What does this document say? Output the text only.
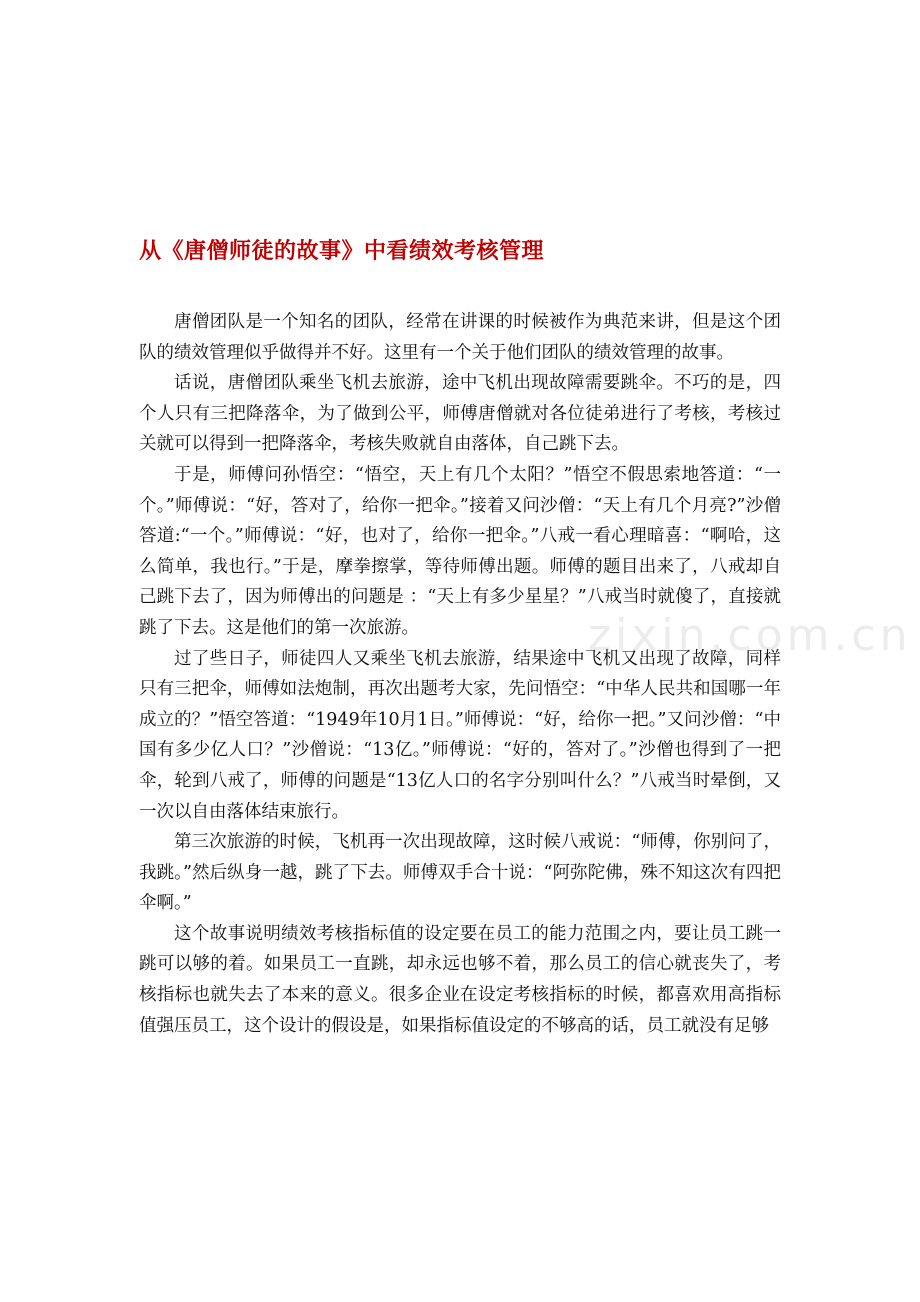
从《唐僧师徒的故事》中看绩效考核管理

唐僧团队是一个知名的团队，经常在讲课的时候被作为典范来讲，但是这个团队的绩效管理似乎做得并不好。这里有一个关于他们团队的绩效管理的故事。

话说，唐僧团队乘坐飞机去旅游，途中飞机出现故障需要跳伞。不巧的是，四个人只有三把降落伞，为了做到公平，师傅唐僧就对各位徒弟进行了考核，考核过关就可以得到一把降落伞，考核失败就自由落体，自己跳下去。

于是，师傅问孙悟空：“悟空，天上有几个太阳？”悟空不假思索地答道：“一个。”师傅说：“好，答对了，给你一把伞。”接着又问沙僧：“天上有几个月亮?”沙僧答道:“一个。”师傅说：“好，也对了，给你一把伞。”八戒一看心理暗喜：“啊哈，这么简单，我也行。”于是，摩拳擦掌，等待师傅出题。师傅的题目出来了，八戒却自己跳下去了，因为师傅出的问题是 ：“天上有多少星星？”八戒当时就傻了，直接就跳了下去。这是他们的第一次旅游。

过了些日子，师徒四人又乘坐飞机去旅游，结果途中飞机又出现了故障，同样只有三把伞，师傅如法炮制，再次出题考大家，先问悟空：“中华人民共和国哪一年成立的？”悟空答道：“1949年10月1日。”师傅说：“好，给你一把。”又问沙僧：“中国有多少亿人口？”沙僧说：“13亿。”师傅说：“好的，答对了。”沙僧也得到了一把伞，轮到八戒了，师傅的问题是“13亿人口的名字分别叫什么？”八戒当时晕倒，又一次以自由落体结束旅行。

第三次旅游的时候，飞机再一次出现故障，这时候八戒说：“师傅，你别问了，我跳。”然后纵身一越，跳了下去。师傅双手合十说：“阿弥陀佛，殊不知这次有四把伞啊。”

这个故事说明绩效考核指标值的设定要在员工的能力范围之内，要让员工跳一跳可以够的着。如果员工一直跳，却永远也够不着，那么员工的信心就丧失了，考核指标也就失去了本来的意义。很多企业在设定考核指标的时候，都喜欢用高指标值强压员工，这个设计的假设是，如果指标值设定的不够高的话，员工就没有足够

zixin.com.cn
